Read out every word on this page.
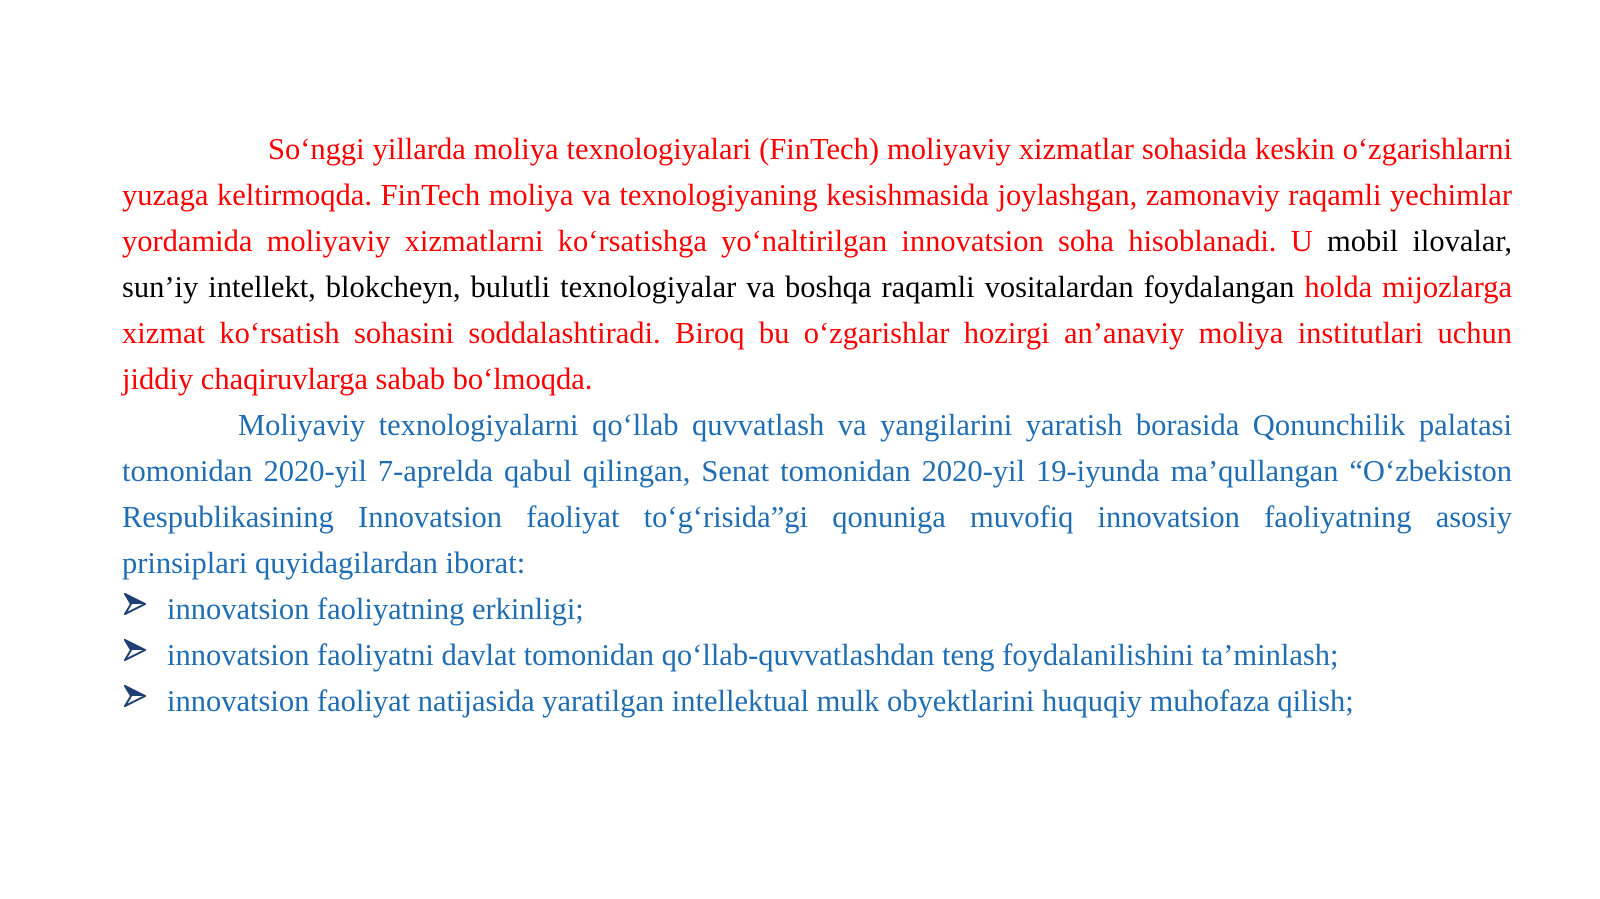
So‘nggi yillarda moliya texnologiyalari (FinTech) moliyaviy xizmatlar sohasida keskin o‘zgarishlarni yuzaga keltirmoqda. FinTech moliya va texnologiyaning kesishmasida joylashgan, zamonaviy raqamli yechimlar yordamida moliyaviy xizmatlarni ko‘rsatishga yo‘naltirilgan innovatsion soha hisoblanadi. U mobil ilovalar, sun’iy intellekt, blokcheyn, bulutli texnologiyalar va boshqa raqamli vositalardan foydalangan holda mijozlarga xizmat ko‘rsatish sohasini soddalashtiradi. Biroq bu o‘zgarishlar hozirgi an’anaviy moliya institutlari uchun jiddiy chaqiruvlarga sabab bo‘lmoqda.

Moliyaviy texnologiyalarni qo‘llab quvvatlash va yangilarini yaratish borasida Qonunchilik palatasi tomonidan 2020-yil 7-aprelda qabul qilingan, Senat tomonidan 2020-yil 19-iyunda ma’qullangan “O‘zbekiston Respublikasining Innovatsion faoliyat to‘g‘risida”gi qonuniga muvofiq innovatsion faoliyatning asosiy prinsiplari quyidagilardan iborat:

innovatsion faoliyatning erkinligi;
innovatsion faoliyatni davlat tomonidan qo‘llab-quvvatlashdan teng foydalanilishini ta’minlash;
innovatsion faoliyat natijasida yaratilgan intellektual mulk obyektlarini huquqiy muhofaza qilish;
